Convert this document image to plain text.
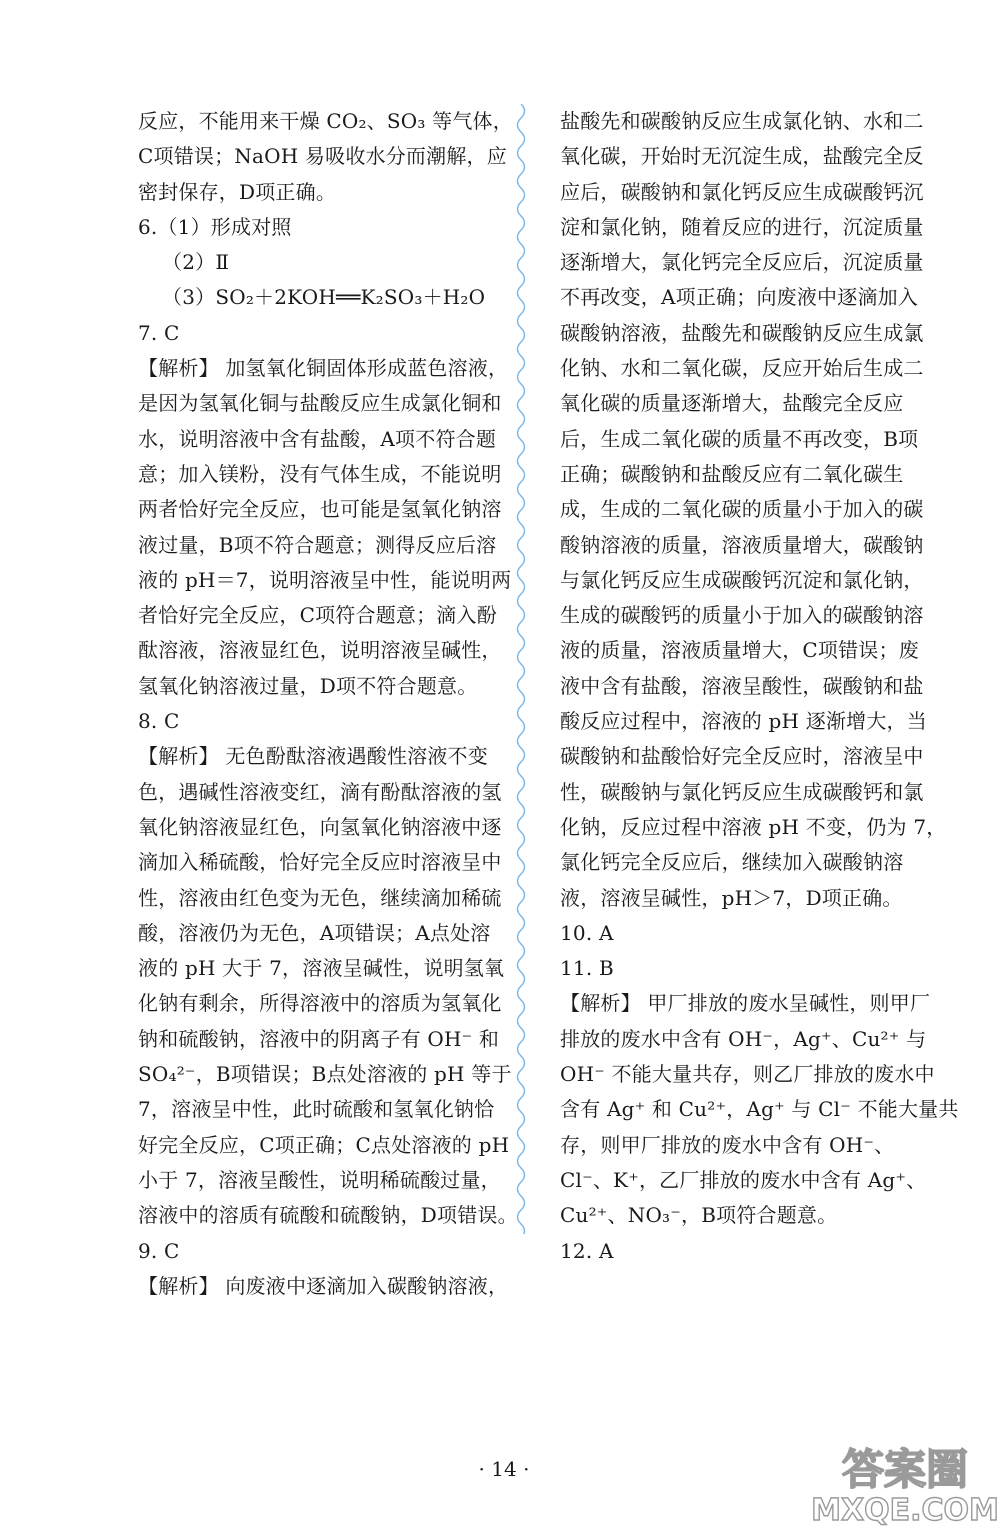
反应，不能用来干燥 CO₂、SO₃ 等气体，
C项错误；NaOH 易吸收水分而潮解，应
密封保存，D项正确。
6.（1）形成对照
（2）Ⅱ
（3）SO₂＋2KOH══K₂SO₃＋H₂O
7. C
【解析】 加氢氧化铜固体形成蓝色溶液，
是因为氢氧化铜与盐酸反应生成氯化铜和
水，说明溶液中含有盐酸，A项不符合题
意；加入镁粉，没有气体生成，不能说明
两者恰好完全反应，也可能是氢氧化钠溶
液过量，B项不符合题意；测得反应后溶
液的 pH＝7，说明溶液呈中性，能说明两
者恰好完全反应，C项符合题意；滴入酚
酞溶液，溶液显红色，说明溶液呈碱性，
氢氧化钠溶液过量，D项不符合题意。
8. C
【解析】 无色酚酞溶液遇酸性溶液不变
色，遇碱性溶液变红，滴有酚酞溶液的氢
氧化钠溶液显红色，向氢氧化钠溶液中逐
滴加入稀硫酸，恰好完全反应时溶液呈中
性，溶液由红色变为无色，继续滴加稀硫
酸，溶液仍为无色，A项错误；A点处溶
液的 pH 大于 7，溶液呈碱性，说明氢氧
化钠有剩余，所得溶液中的溶质为氢氧化
钠和硫酸钠，溶液中的阴离子有 OH⁻ 和
SO₄²⁻，B项错误；B点处溶液的 pH 等于
7，溶液呈中性，此时硫酸和氢氧化钠恰
好完全反应，C项正确；C点处溶液的 pH
小于 7，溶液呈酸性，说明稀硫酸过量，
溶液中的溶质有硫酸和硫酸钠，D项错误。
9. C
【解析】 向废液中逐滴加入碳酸钠溶液，
盐酸先和碳酸钠反应生成氯化钠、水和二
氧化碳，开始时无沉淀生成，盐酸完全反
应后，碳酸钠和氯化钙反应生成碳酸钙沉
淀和氯化钠，随着反应的进行，沉淀质量
逐渐增大，氯化钙完全反应后，沉淀质量
不再改变，A项正确；向废液中逐滴加入
碳酸钠溶液，盐酸先和碳酸钠反应生成氯
化钠、水和二氧化碳，反应开始后生成二
氧化碳的质量逐渐增大，盐酸完全反应
后，生成二氧化碳的质量不再改变，B项
正确；碳酸钠和盐酸反应有二氧化碳生
成，生成的二氧化碳的质量小于加入的碳
酸钠溶液的质量，溶液质量增大，碳酸钠
与氯化钙反应生成碳酸钙沉淀和氯化钠，
生成的碳酸钙的质量小于加入的碳酸钠溶
液的质量，溶液质量增大，C项错误；废
液中含有盐酸，溶液呈酸性，碳酸钠和盐
酸反应过程中，溶液的 pH 逐渐增大，当
碳酸钠和盐酸恰好完全反应时，溶液呈中
性，碳酸钠与氯化钙反应生成碳酸钙和氯
化钠，反应过程中溶液 pH 不变，仍为 7，
氯化钙完全反应后，继续加入碳酸钠溶
液，溶液呈碱性，pH＞7，D项正确。
10. A
11. B
【解析】 甲厂排放的废水呈碱性，则甲厂
排放的废水中含有 OH⁻，Ag⁺、Cu²⁺ 与
OH⁻ 不能大量共存，则乙厂排放的废水中
含有 Ag⁺ 和 Cu²⁺，Ag⁺ 与 Cl⁻ 不能大量共
存，则甲厂排放的废水中含有 OH⁻、
Cl⁻、K⁺，乙厂排放的废水中含有 Ag⁺、
Cu²⁺、NO₃⁻，B项符合题意。
12. A
· 14 ·	答案圈
MXQE.COM
